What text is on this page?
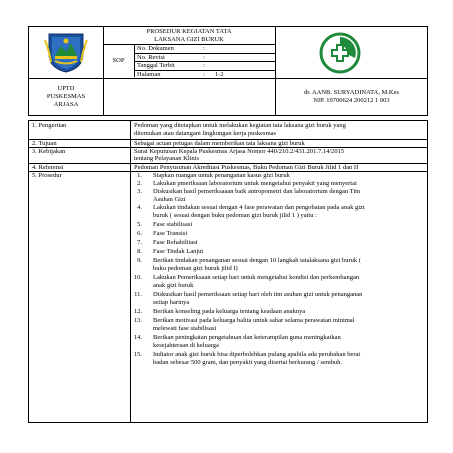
UPTD
PUSKESMAS
ARJASA
PROSEDUR KEGIATAN TATA
LAKSANA GIZI BURUK
SOP
No. Dokumen	:
No. Revisi	:
Tanggal Terbit	:
Halaman	: 1-2
dr. AANB. SURYADINATA, M.Kes
NIP. 19700624 200212 1 003
1. Pengertian	Pedoman yang ditetapkan untuk melakukan kegiatan tata laksana gizi buruk yang
ditemukan atau datangani lingkungan kerja puskesmas
2. Tujuan	Sebagai acuan petugas dalam memberikan tata laksana gizi buruk
3. Kebijakan	Surat Keputusan Kepala Puskesmas Arjasa Nomor 440/210.2/431.201.7.14/2015
tentang Pelayanan Klinis
4. Referensi	Pedoman Penyusunan Akreditasi Puskesmas, Buku Pedoman Gizi Buruk Jilid 1 dan II
5. Prosedur	1. Siapkan ruangan untuk penanganan kasus gizi buruk
2. Lakukan pmeriksaan laboratorium untuk mengetahui penyakit yang menyertai
3. Diskusikan hasil pemeriksaaan baik antropometri dan laboratorium dengan Tim
Asuhan Gizi
4. Lakukan tindakan sesuai dengan 4 fase perawatan dan pengobatan pada anak gizi
buruk ( sesuai dengan buku pedoman gizi buruk jilid 1 ) yaitu :
5. Fase stabilisasi
6. Fase Transisi
7. Fase Rehabilitasi
8. Fase Tindak Lanjut
9. Berikan tindakan penanganan sesuai dengan 10 langkah tatalaksana gizi buruk (
buku pedoman gizi buruk jilid I)
10. Lakukan Pemeriksaan setiap hari untuk mengetahui kondisi dan perkembangan
anak gizi buruk
11. Diskusikan hasil pemeriksaan setiap hari oleh tim asuhan gizi untuk penanganan
setiap harinya
12. Berikan konseling pada keluarga tentang keadaan anaknya
13. Berikan motivasi pada keluarga balita untuk sabar selama perawatan minimal
melewati fase stabilisasi
14. Berikan peningkatan pengetahuan dan keterampilan guna meningkatkan
kesejahteraan di keluarga
15. Indiator anak gizi buruk bisa diperbolehkan pulang apabila ada perubahan berat
badan sebesar 500 gram, dan penyakit yang disertai berkurang / sembuh.
